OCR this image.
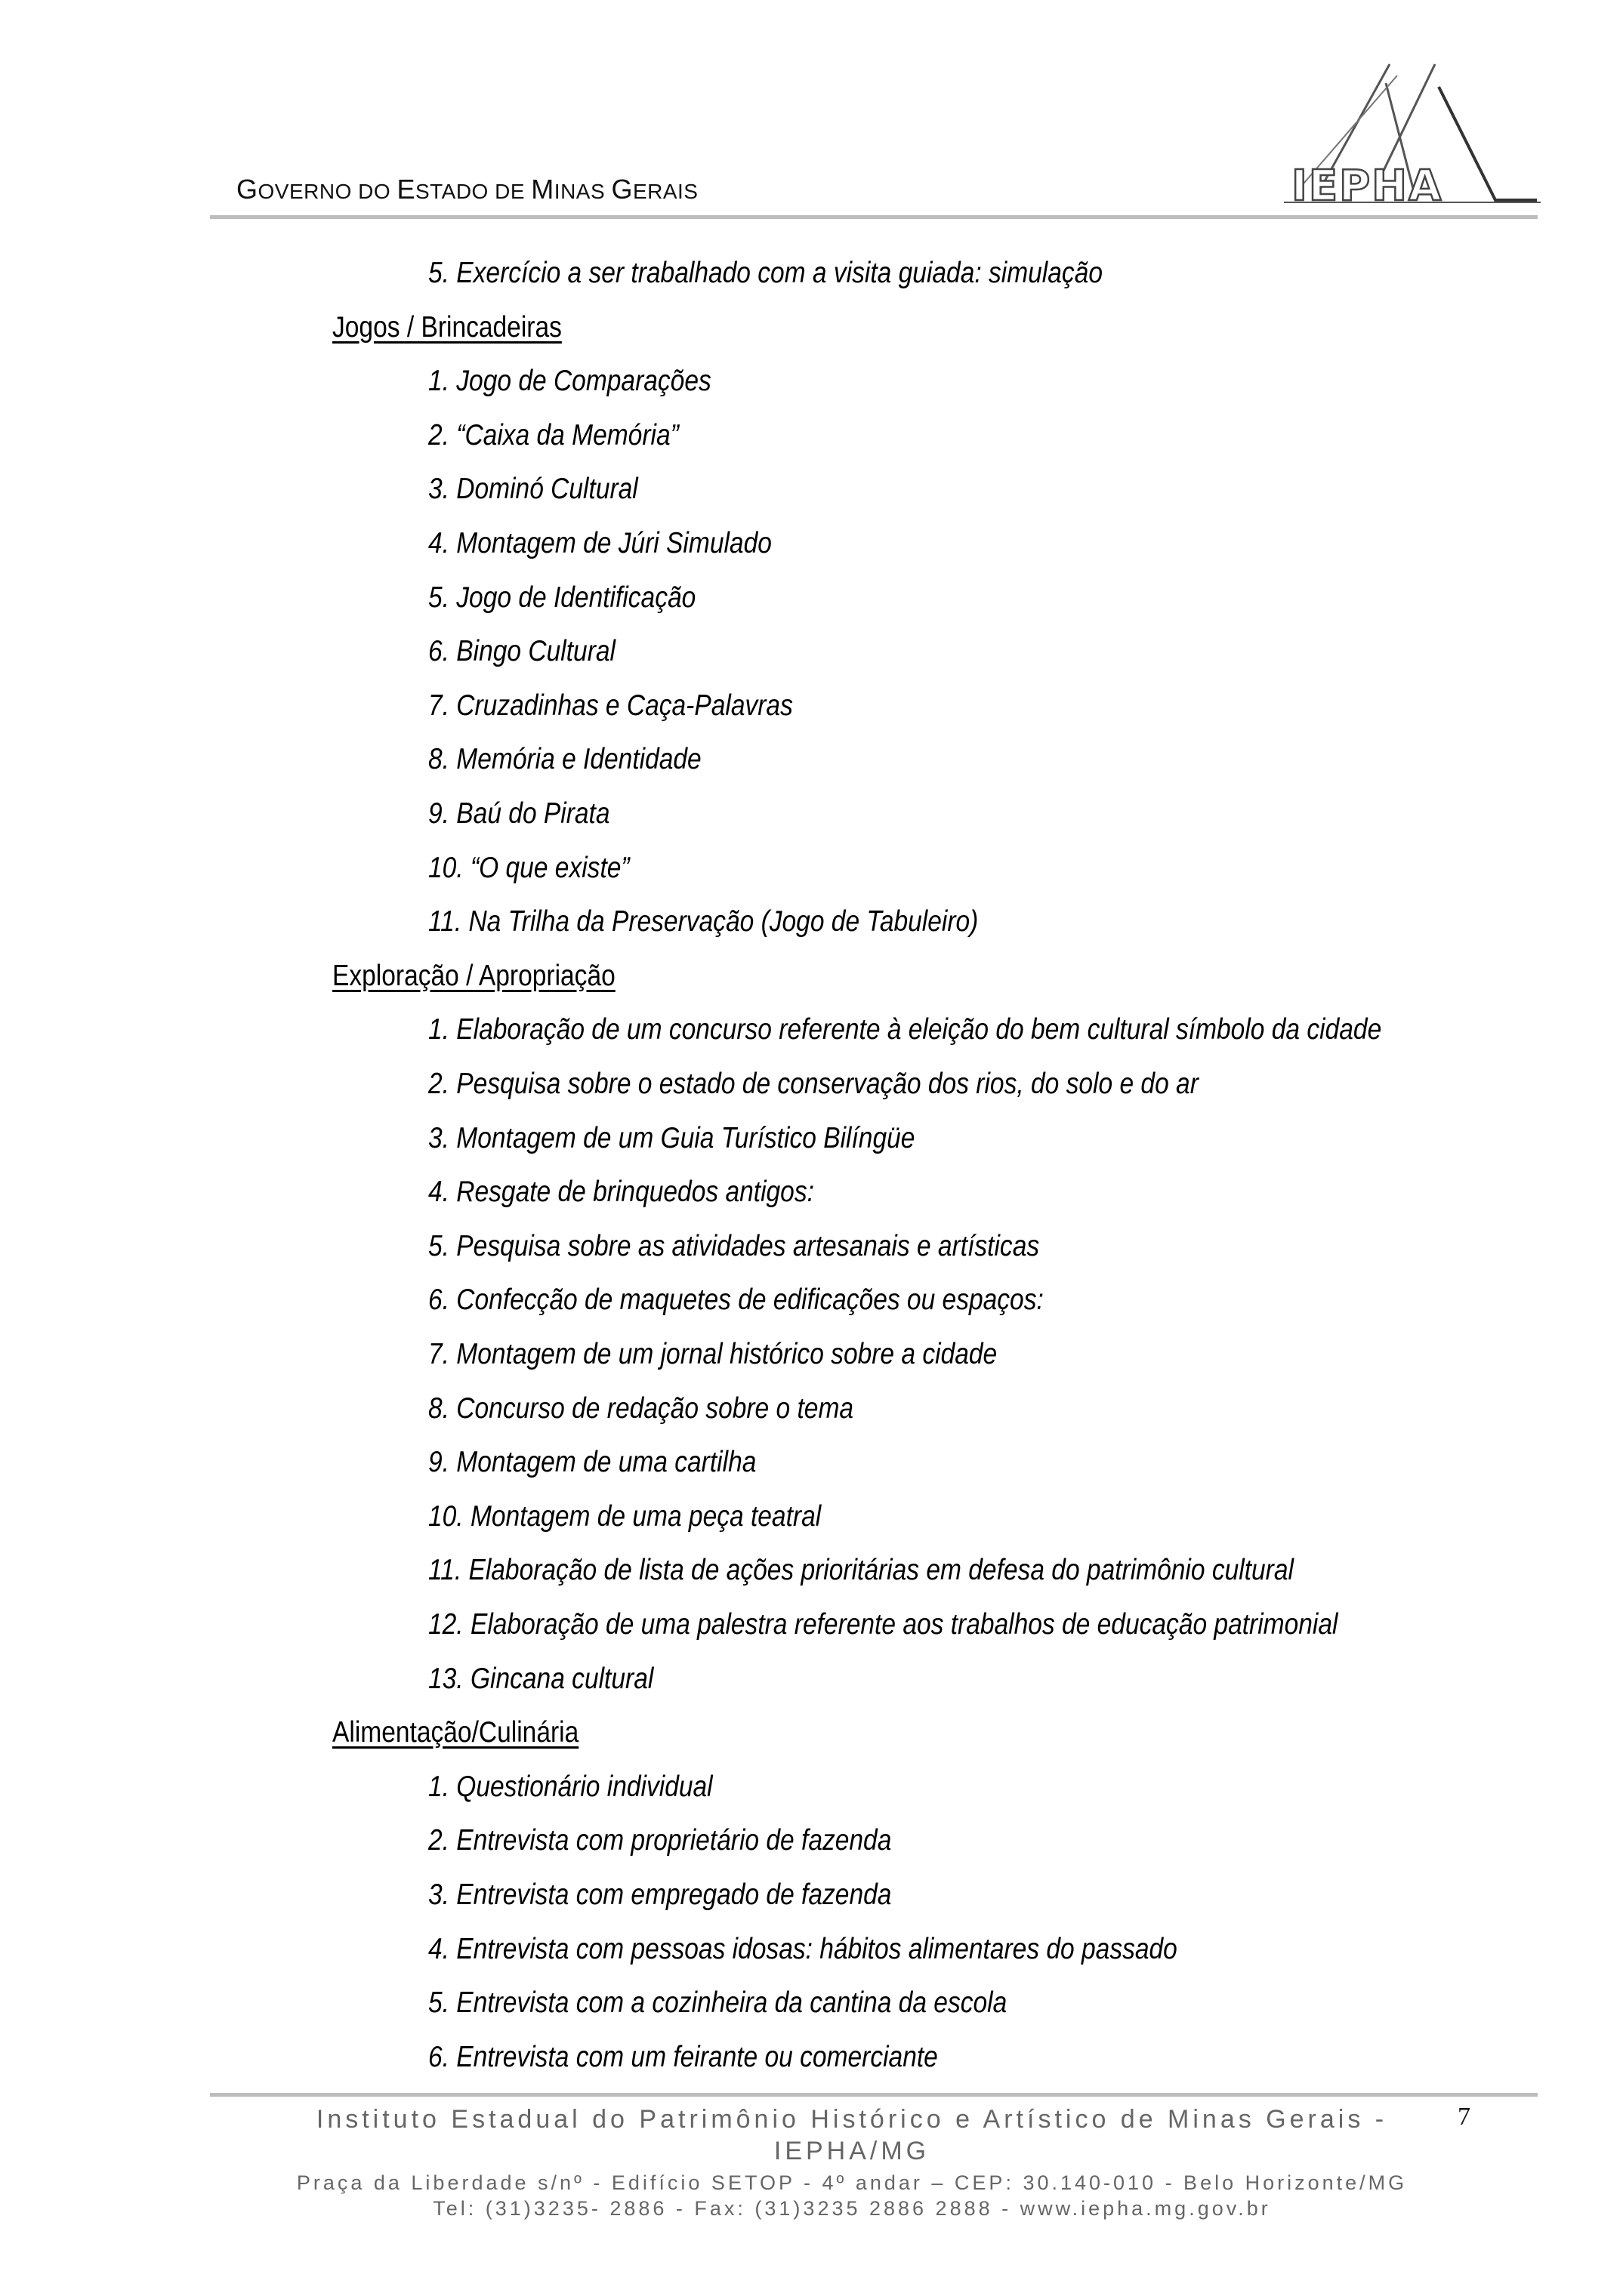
GOVERNO DO ESTADO DE MINAS GERAIS	IEPHA
5. Exercício a ser trabalhado com a visita guiada: simulação
Jogos / Brincadeiras
1. Jogo de Comparações
2. “Caixa da Memória”
3. Dominó Cultural
4. Montagem de Júri Simulado
5. Jogo de Identificação
6. Bingo Cultural
7. Cruzadinhas e Caça-Palavras
8. Memória e Identidade
9. Baú do Pirata
10. “O que existe”
11. Na Trilha da Preservação (Jogo de Tabuleiro)
Exploração / Apropriação
1. Elaboração de um concurso referente à eleição do bem cultural símbolo da cidade
2. Pesquisa sobre o estado de conservação dos rios, do solo e do ar
3. Montagem de um Guia Turístico Bilíngüe
4. Resgate de brinquedos antigos:
5. Pesquisa sobre as atividades artesanais e artísticas
6. Confecção de maquetes de edificações ou espaços:
7. Montagem de um jornal histórico sobre a cidade
8. Concurso de redação sobre o tema
9. Montagem de uma cartilha
10. Montagem de uma peça teatral
11. Elaboração de lista de ações prioritárias em defesa do patrimônio cultural
12. Elaboração de uma palestra referente aos trabalhos de educação patrimonial
13. Gincana cultural
Alimentação/Culinária
1. Questionário individual
2. Entrevista com proprietário de fazenda
3. Entrevista com empregado de fazenda
4. Entrevista com pessoas idosas: hábitos alimentares do passado
5. Entrevista com a cozinheira da cantina da escola
6. Entrevista com um feirante ou comerciante
Instituto Estadual do Patrimônio Histórico e Artístico de Minas Gerais -
IEPHA/MG
Praça da Liberdade s/nº - Edifício SETOP - 4º andar – CEP: 30.140-010 - Belo Horizonte/MG
Tel: (31)3235- 2886 - Fax: (31)3235 2886 2888 - www.iepha.mg.gov.br
7
